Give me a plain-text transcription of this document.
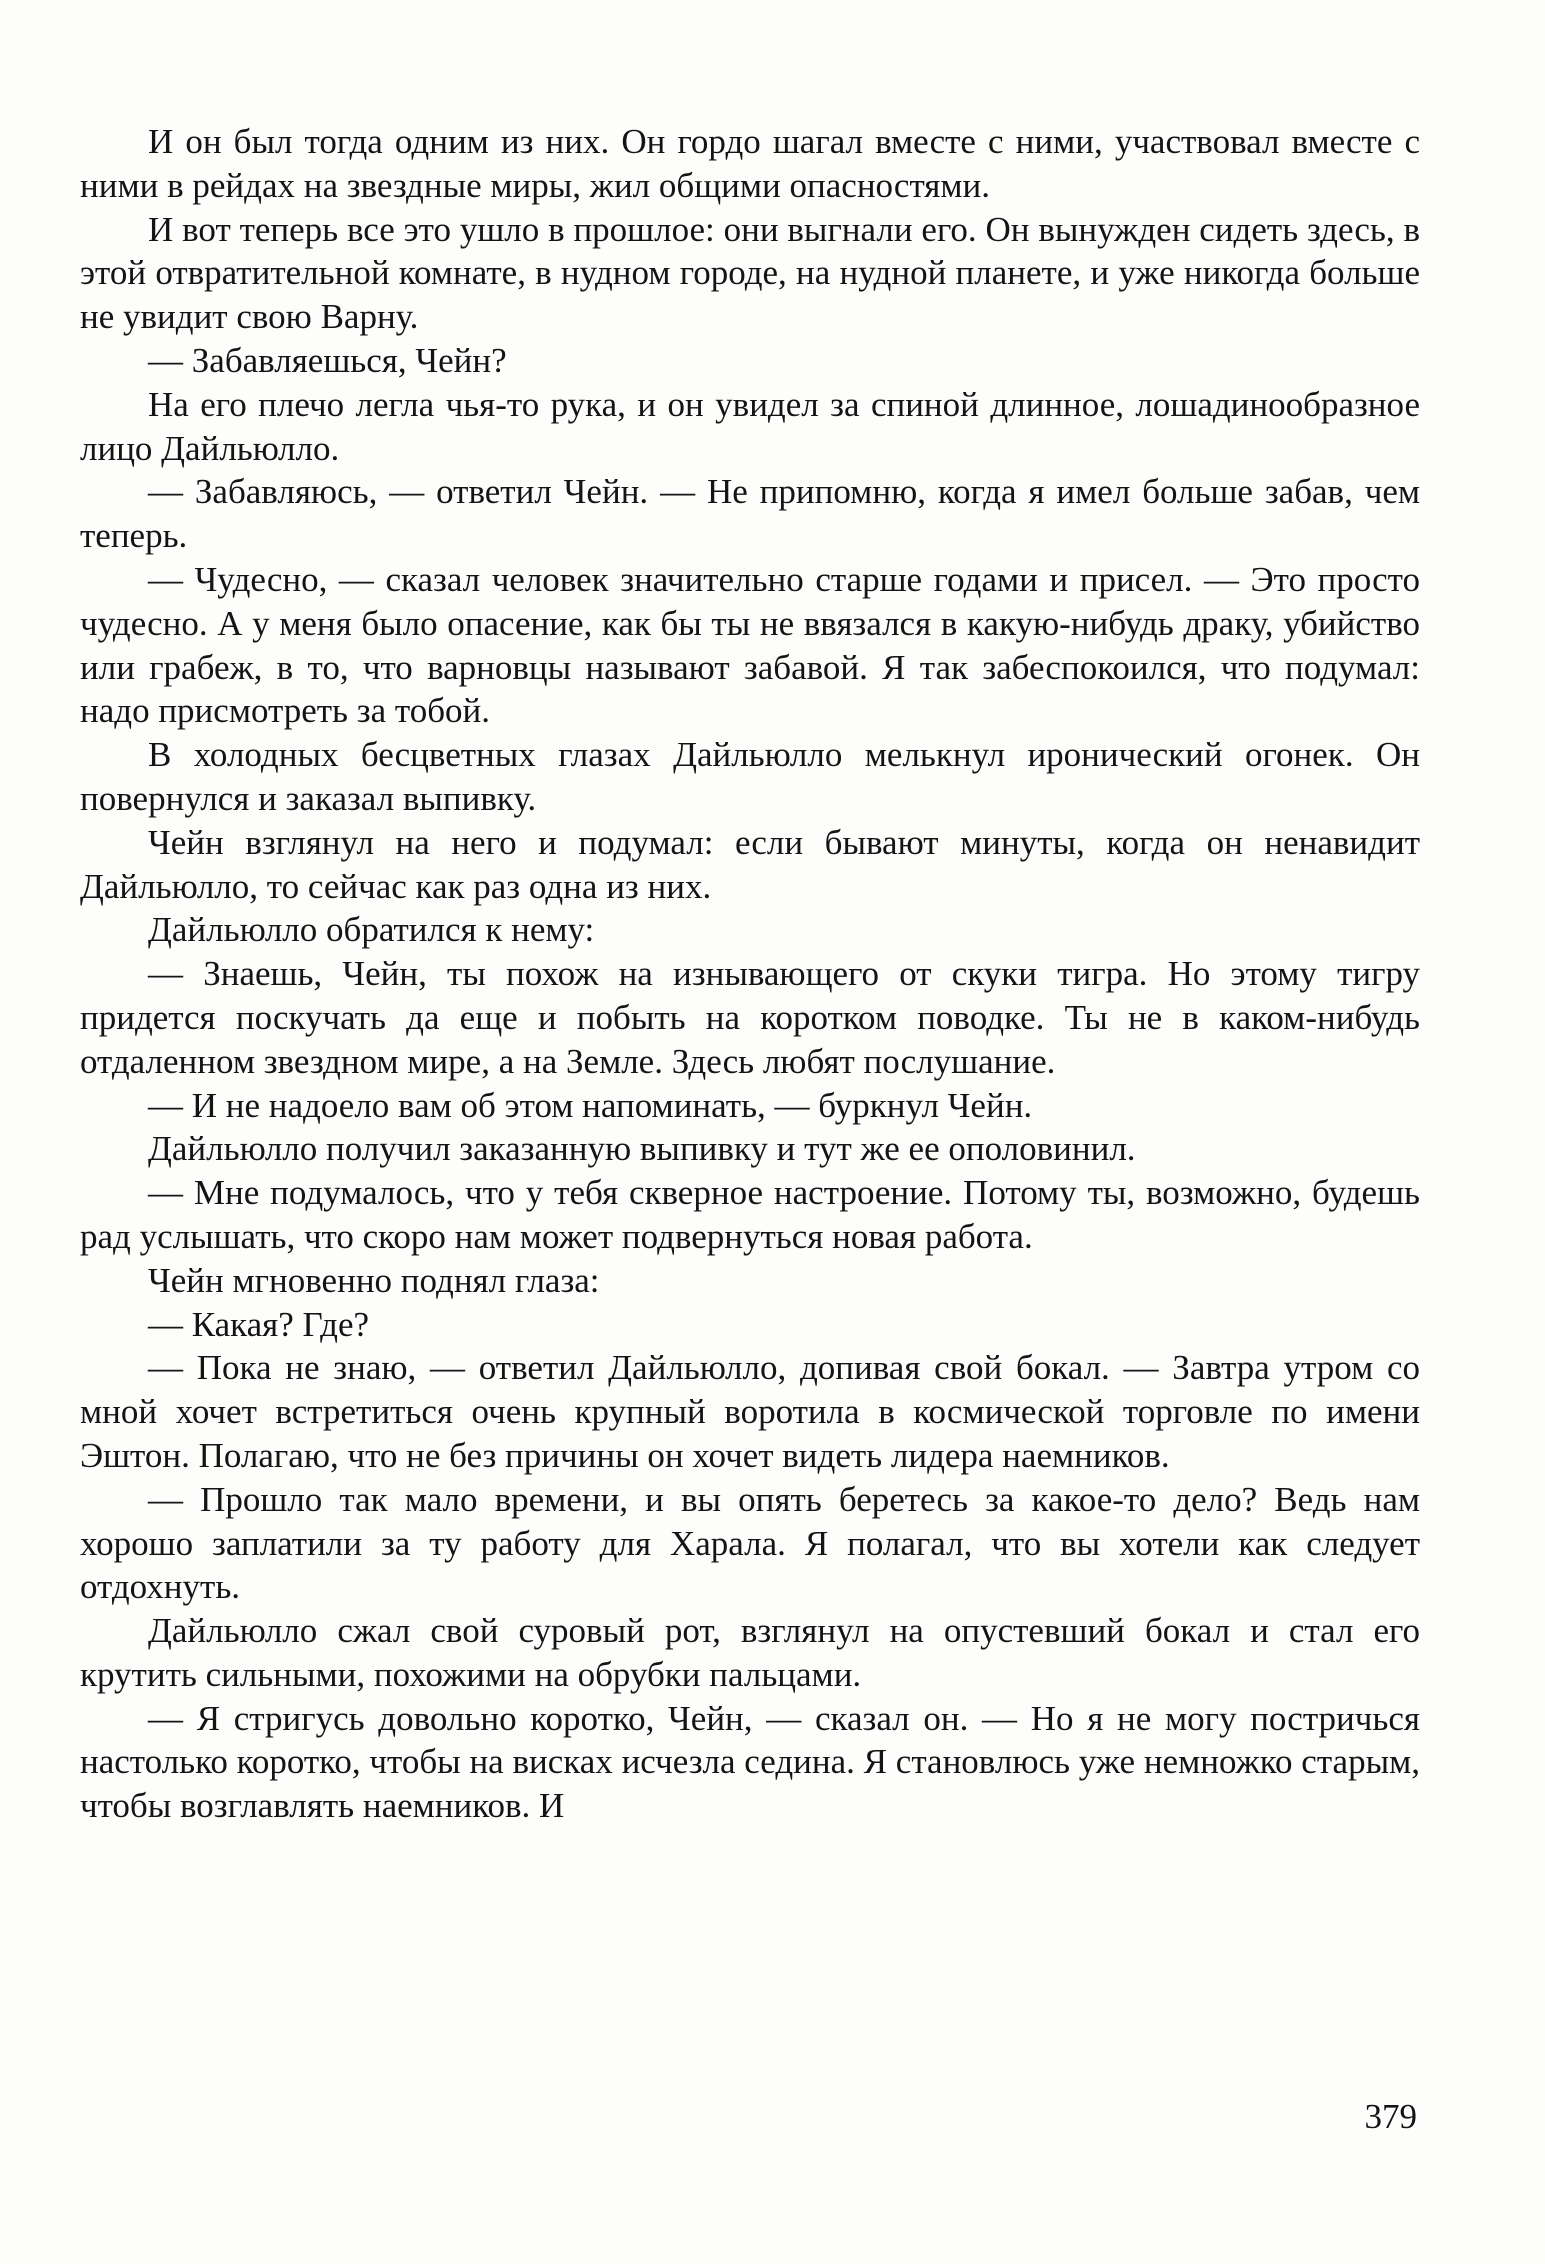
И он был тогда одним из них. Он гордо шагал вместе с ними, участвовал вместе с ними в рейдах на звездные миры, жил общими опасностями.

И вот теперь все это ушло в прошлое: они выгнали его. Он вынужден сидеть здесь, в этой отвратительной комнате, в нудном городе, на нудной планете, и уже никогда больше не увидит свою Варну.

— Забавляешься, Чейн?

На его плечо легла чья-то рука, и он увидел за спиной длинное, лошадинообразное лицо Дайльюлло.

— Забавляюсь, — ответил Чейн. — Не припомню, когда я имел больше забав, чем теперь.

— Чудесно, — сказал человек значительно старше годами и присел. — Это просто чудесно. А у меня было опасение, как бы ты не ввязался в какую-нибудь драку, убийство или грабеж, в то, что варновцы называют забавой. Я так забеспокоился, что подумал: надо присмотреть за тобой.

В холодных бесцветных глазах Дайльюлло мелькнул иронический огонек. Он повернулся и заказал выпивку.

Чейн взглянул на него и подумал: если бывают минуты, когда он ненавидит Дайльюлло, то сейчас как раз одна из них.

Дайльюлло обратился к нему:

— Знаешь, Чейн, ты похож на изнывающего от скуки тигра. Но этому тигру придется поскучать да еще и побыть на коротком поводке. Ты не в каком-нибудь отдаленном звездном мире, а на Земле. Здесь любят послушание.

— И не надоело вам об этом напоминать, — буркнул Чейн.

Дайльюлло получил заказанную выпивку и тут же ее ополовинил.

— Мне подумалось, что у тебя скверное настроение. Потому ты, возможно, будешь рад услышать, что скоро нам может подвернуться новая работа.

Чейн мгновенно поднял глаза:

— Какая? Где?

— Пока не знаю, — ответил Дайльюлло, допивая свой бокал. — Завтра утром со мной хочет встретиться очень крупный воротила в космической торговле по имени Эштон. Полагаю, что не без причины он хочет видеть лидера наемников.

— Прошло так мало времени, и вы опять беретесь за какое-то дело? Ведь нам хорошо заплатили за ту работу для Харала. Я полагал, что вы хотели как следует отдохнуть.

Дайльюлло сжал свой суровый рот, взглянул на опустевший бокал и стал его крутить сильными, похожими на обрубки пальцами.

— Я стригусь довольно коротко, Чейн, — сказал он. — Но я не могу постричься настолько коротко, чтобы на висках исчезла седина. Я становлюсь уже немножко старым, чтобы возглавлять наемников. И

379
